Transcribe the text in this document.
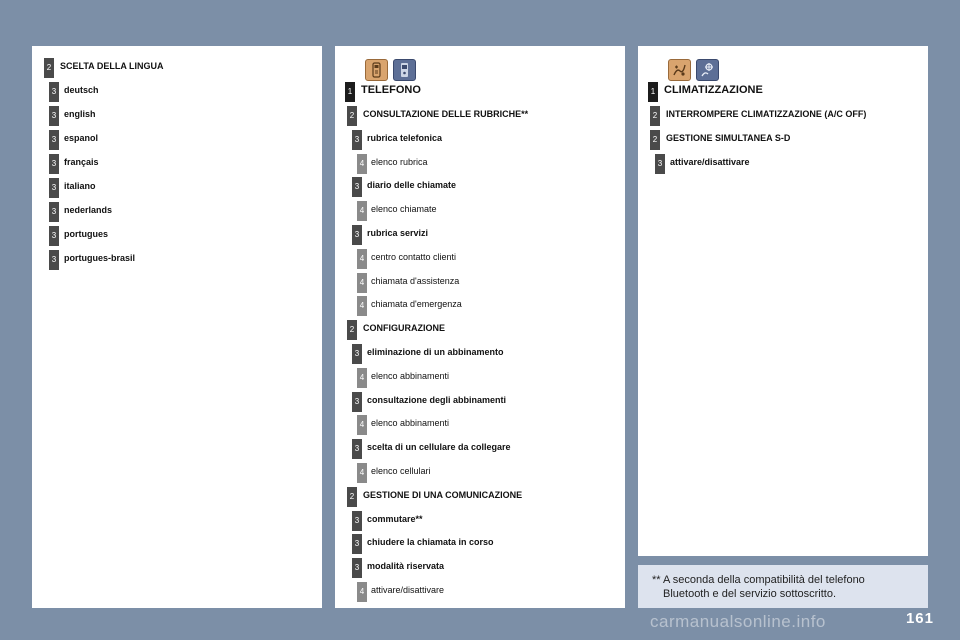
2 SCELTA DELLA LINGUA
3 deutsch
3 english
3 espanol
3 français
3 italiano
3 nederlands
3 portugues
3 portugues-brasil
1 TELEFONO
2 CONSULTAZIONE DELLE RUBRICHE**
3 rubrica telefonica
4 elenco rubrica
3 diario delle chiamate
4 elenco chiamate
3 rubrica servizi
4 centro contatto clienti
4 chiamata d'assistenza
4 chiamata d'emergenza
2 CONFIGURAZIONE
3 eliminazione di un abbinamento
4 elenco abbinamenti
3 consultazione degli abbinamenti
4 elenco abbinamenti
3 scelta di un cellulare da collegare
4 elenco cellulari
2 GESTIONE DI UNA COMUNICAZIONE
3 commutare**
3 chiudere la chiamata in corso
3 modalità riservata
4 attivare/disattivare
1 CLIMATIZZAZIONE
2 INTERROMPERE CLIMATIZZAZIONE (A/C OFF)
2 GESTIONE SIMULTANEA S-D
3 attivare/disattivare
** A seconda della compatibilità del telefono Bluetooth e del servizio sottoscritto.
161
carmanualsonline.info
